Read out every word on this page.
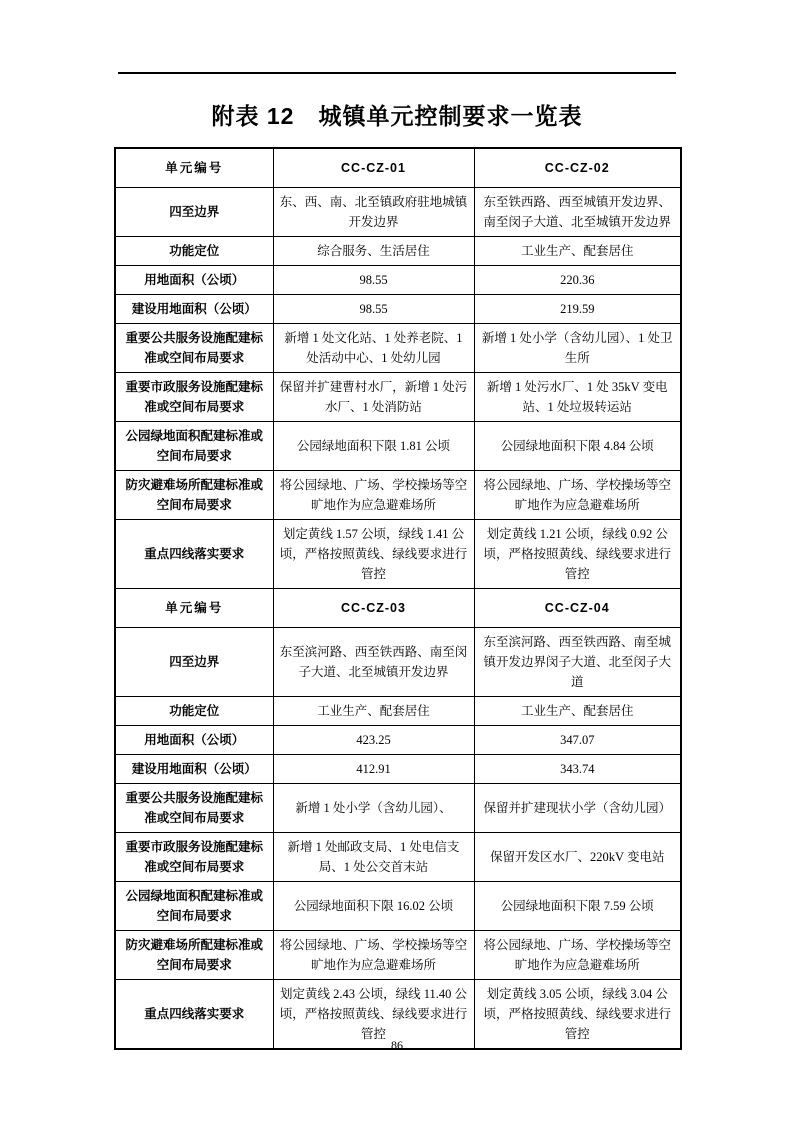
附表 12　城镇单元控制要求一览表
单元编号	CC-CZ-01	CC-CZ-02
四至边界	东、西、南、北至镇政府驻地城镇开发边界	东至铁西路、西至城镇开发边界、南至闵子大道、北至城镇开发边界
功能定位	综合服务、生活居住	工业生产、配套居住
用地面积（公顷）	98.55	220.36
建设用地面积（公顷）	98.55	219.59
重要公共服务设施配建标准或空间布局要求	新增 1 处文化站、1 处养老院、1 处活动中心、1 处幼儿园	新增 1 处小学（含幼儿园）、1 处卫生所
重要市政服务设施配建标准或空间布局要求	保留并扩建曹村水厂，新增 1 处污水厂、1 处消防站	新增 1 处污水厂、1 处 35kV 变电站、1 处垃圾转运站
公园绿地面积配建标准或空间布局要求	公园绿地面积下限 1.81 公顷	公园绿地面积下限 4.84 公顷
防灾避难场所配建标准或空间布局要求	将公园绿地、广场、学校操场等空旷地作为应急避难场所	将公园绿地、广场、学校操场等空旷地作为应急避难场所
重点四线落实要求	划定黄线 1.57 公顷，绿线 1.41 公顷，严格按照黄线、绿线要求进行管控	划定黄线 1.21 公顷，绿线 0.92 公顷，严格按照黄线、绿线要求进行管控
单元编号	CC-CZ-03	CC-CZ-04
四至边界	东至滨河路、西至铁西路、南至闵子大道、北至城镇开发边界	东至滨河路、西至铁西路、南至城镇开发边界闵子大道、北至闵子大道
功能定位	工业生产、配套居住	工业生产、配套居住
用地面积（公顷）	423.25	347.07
建设用地面积（公顷）	412.91	343.74
重要公共服务设施配建标准或空间布局要求	新增 1 处小学（含幼儿园）、	保留并扩建现状小学（含幼儿园）
重要市政服务设施配建标准或空间布局要求	新增 1 处邮政支局、1 处电信支局、1 处公交首末站	保留开发区水厂、220kV 变电站
公园绿地面积配建标准或空间布局要求	公园绿地面积下限 16.02 公顷	公园绿地面积下限 7.59 公顷
防灾避难场所配建标准或空间布局要求	将公园绿地、广场、学校操场等空旷地作为应急避难场所	将公园绿地、广场、学校操场等空旷地作为应急避难场所
重点四线落实要求	划定黄线 2.43 公顷，绿线 11.40 公顷，严格按照黄线、绿线要求进行管控	划定黄线 3.05 公顷，绿线 3.04 公顷，严格按照黄线、绿线要求进行管控
86
